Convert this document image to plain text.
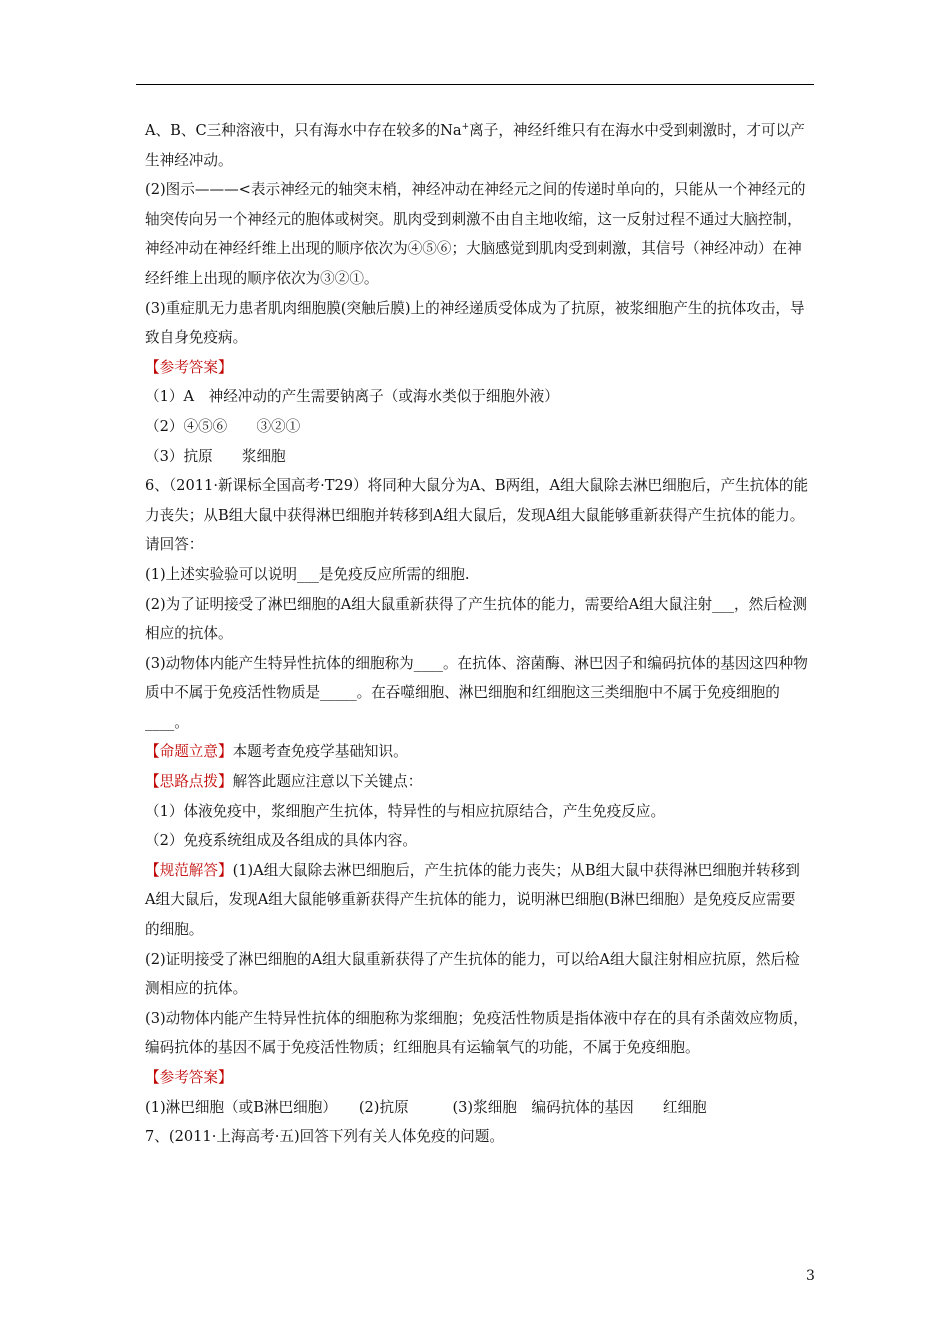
A、B、C三种溶液中，只有海水中存在较多的Na+离子，神经纤维只有在海水中受到刺激时，才可以产生神经冲动。

(2)图示———<表示神经元的轴突末梢，神经冲动在神经元之间的传递时单向的，只能从一个神经元的轴突传向另一个神经元的胞体或树突。肌肉受到刺激不由自主地收缩，这一反射过程不通过大脑控制，神经冲动在神经纤维上出现的顺序依次为④⑤⑥；大脑感觉到肌肉受到刺激，其信号（神经冲动）在神经纤维上出现的顺序依次为③②①。

(3)重症肌无力患者肌肉细胞膜(突触后膜)上的神经递质受体成为了抗原，被浆细胞产生的抗体攻击，导致自身免疫病。

【参考答案】

（1）A　神经冲动的产生需要钠离子（或海水类似于细胞外液）

（2）④⑤⑥　　③②①

（3）抗原　　浆细胞

6、（2011·新课标全国高考·T29）将同种大鼠分为A、B两组，A组大鼠除去淋巴细胞后，产生抗体的能力丧失；从B组大鼠中获得淋巴细胞并转移到A组大鼠后，发现A组大鼠能够重新获得产生抗体的能力。请回答：

(1)上述实验验可以说明___是免疫反应所需的细胞.

(2)为了证明接受了淋巴细胞的A组大鼠重新获得了产生抗体的能力，需要给A组大鼠注射___，然后检测相应的抗体。

(3)动物体内能产生特异性抗体的细胞称为____。在抗体、溶菌酶、淋巴因子和编码抗体的基因这四种物质中不属于免疫活性物质是_____。在吞噬细胞、淋巴细胞和红细胞这三类细胞中不属于免疫细胞的____。

【命题立意】本题考查免疫学基础知识。

【思路点拨】解答此题应注意以下关键点：

（1）体液免疫中，浆细胞产生抗体，特异性的与相应抗原结合，产生免疫反应。

（2）免疫系统组成及各组成的具体内容。

【规范解答】(1)A组大鼠除去淋巴细胞后，产生抗体的能力丧失；从B组大鼠中获得淋巴细胞并转移到A组大鼠后，发现A组大鼠能够重新获得产生抗体的能力，说明淋巴细胞(B淋巴细胞）是免疫反应需要的细胞。

(2)证明接受了淋巴细胞的A组大鼠重新获得了产生抗体的能力，可以给A组大鼠注射相应抗原，然后检测相应的抗体。

(3)动物体内能产生特异性抗体的细胞称为浆细胞；免疫活性物质是指体液中存在的具有杀菌效应物质，编码抗体的基因不属于免疫活性物质；红细胞具有运输氧气的功能，不属于免疫细胞。

【参考答案】

(1)淋巴细胞（或B淋巴细胞）　　(2)抗原　　　(3)浆细胞　编码抗体的基因　　红细胞

7、(2011·上海高考·五)回答下列有关人体免疫的问题。

3
